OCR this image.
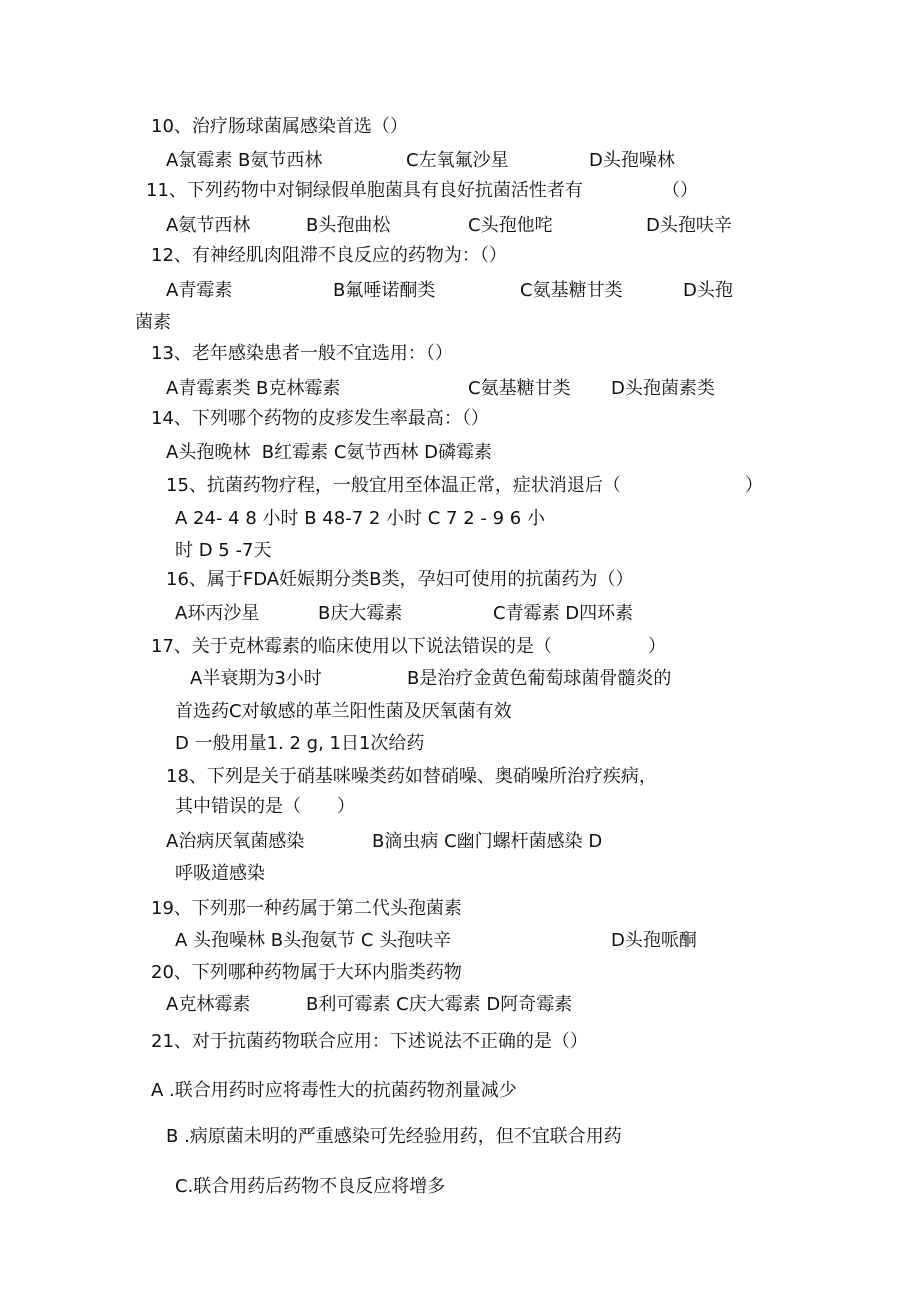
10、治疗肠球菌属感染首选（）
A氯霉素 B氨节西林	C左氧氟沙星	D头孢噪林
11、下列药物中对铜绿假单胞菌具有良好抗菌活性者有	（）
A氨节西林	B头孢曲松	C头孢他咤	D头孢呋辛
12、有神经肌肉阻滞不良反应的药物为：（）
A青霉素	B氟唾诺酮类	C氨基糖甘类	D头孢
菌素
13、老年感染患者一般不宜选用：（）
A青霉素类 B克林霉素	C氨基糖甘类 D头孢菌素类
14、下列哪个药物的皮疹发生率最高：（）
A头孢晚林  B红霉素 C氨节西林 D磷霉素
15、抗菌药物疗程，一般宜用至体温正常，症状消退后（	）
A 24- 4 8 小时 B 48-7 2 小时 C 7 2 - 9 6 小
时 D 5 -7天
16、属于FDA妊娠期分类B类，孕妇可使用的抗菌药为（）
A环丙沙星	B庆大霉素	C青霉素 D四环素
17、关于克林霉素的临床使用以下说法错误的是（	）
A半衰期为3小时	B是治疗金黄色葡萄球菌骨髓炎的
首选药C对敏感的革兰阳性菌及厌氧菌有效
D 一般用量1. 2 g, 1日1次给药
18、下列是关于硝基咪噪类药如替硝噪、奥硝噪所治疗疾病，
其中错误的是（　　）
A治病厌氧菌感染	B滴虫病 C幽门螺杆菌感染 D
呼吸道感染
19、下列那一种药属于第二代头孢菌素
A 头孢噪林 B头孢氨节 C 头孢呋辛	D头孢哌酮
20、下列哪种药物属于大环内脂类药物
A克林霉素	B利可霉素 C庆大霉素 D阿奇霉素
21、对于抗菌药物联合应用：下述说法不正确的是（）
A .联合用药时应将毒性大的抗菌药物剂量减少
B .病原菌未明的严重感染可先经验用药，但不宜联合用药
C.联合用药后药物不良反应将增多
